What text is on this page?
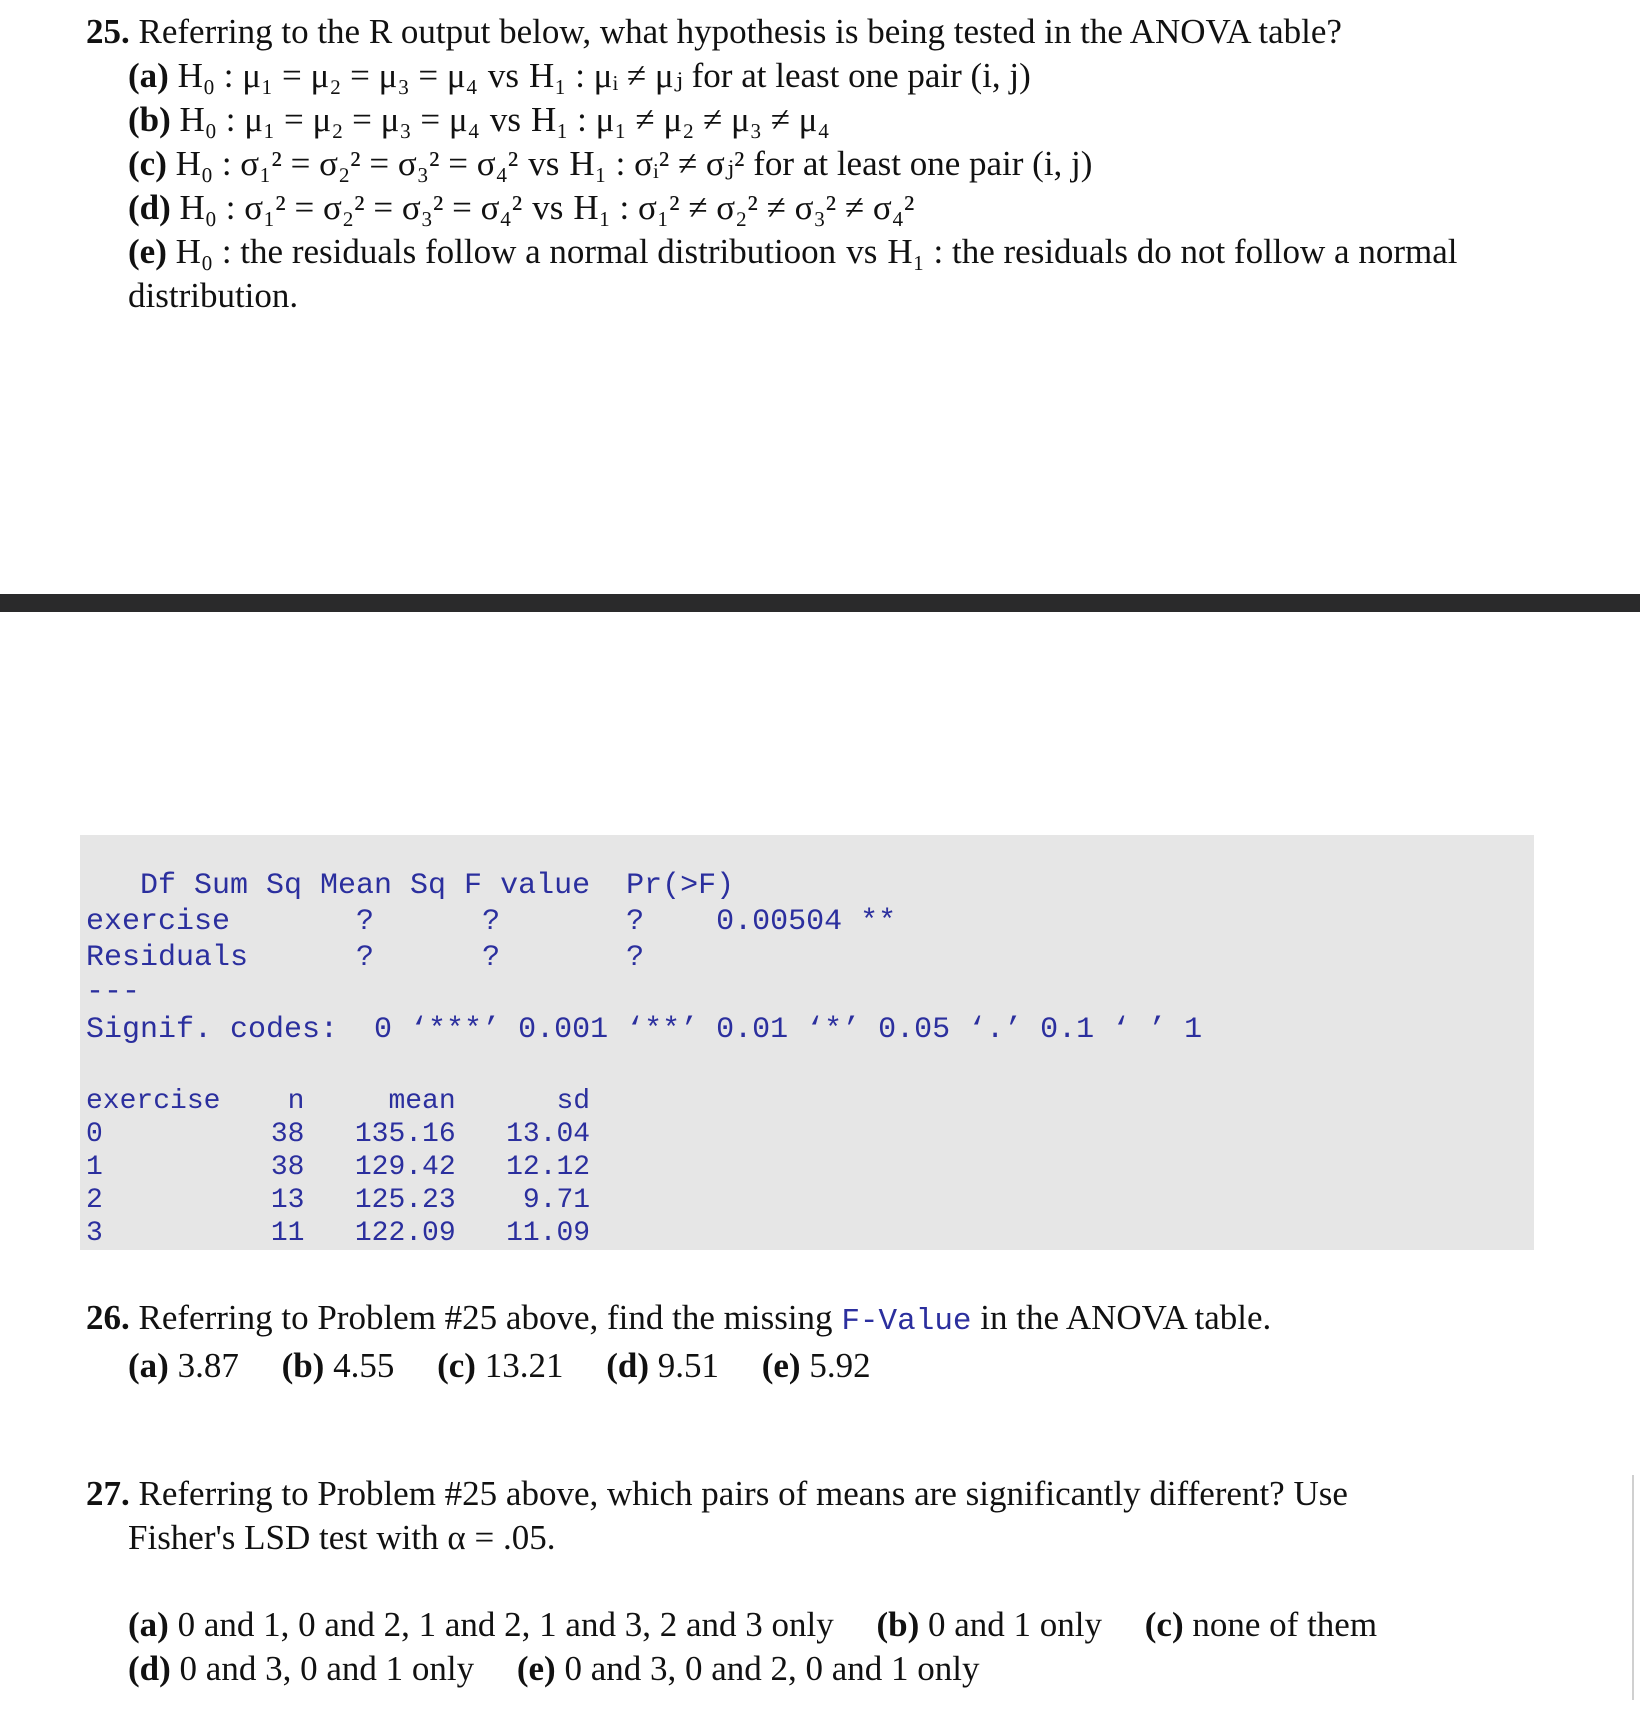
25. Referring to the R output below, what hypothesis is being tested in the ANOVA table?
(a) H₀ : μ₁ = μ₂ = μ₃ = μ₄ vs H₁ : μᵢ ≠ μⱼ for at least one pair (i, j)
(b) H₀ : μ₁ = μ₂ = μ₃ = μ₄ vs H₁ : μ₁ ≠ μ₂ ≠ μ₃ ≠ μ₄
(c) H₀ : σ₁² = σ₂² = σ₃² = σ₄² vs H₁ : σᵢ² ≠ σⱼ² for at least one pair (i, j)
(d) H₀ : σ₁² = σ₂² = σ₃² = σ₄² vs H₁ : σ₁² ≠ σ₂² ≠ σ₃² ≠ σ₄²
(e) H₀ : the residuals follow a normal distributioon vs H₁ : the residuals do not follow a normal distribution.
Df Sum Sq Mean Sq F value  Pr(>F)
exercise       ?      ?       ?    0.00504 **
Residuals      ?      ?       ?
---
Signif. codes:  0 ‘***’ 0.001 ‘**’ 0.01 ‘*’ 0.05 ‘.’ 0.1 ‘ ’ 1
exercise    n     mean      sd
0          38   135.16   13.04
1          38   129.42   12.12
2          13   125.23    9.71
3          11   122.09   11.09
26. Referring to Problem #25 above, find the missing F-Value in the ANOVA table.
(a) 3.87 (b) 4.55 (c) 13.21 (d) 9.51 (e) 5.92
27. Referring to Problem #25 above, which pairs of means are significantly different? Use
Fisher's LSD test with α = .05.
(a) 0 and 1, 0 and 2, 1 and 2, 1 and 3, 2 and 3 only (b) 0 and 1 only (c) none of them
(d) 0 and 3, 0 and 1 only (e) 0 and 3, 0 and 2, 0 and 1 only
